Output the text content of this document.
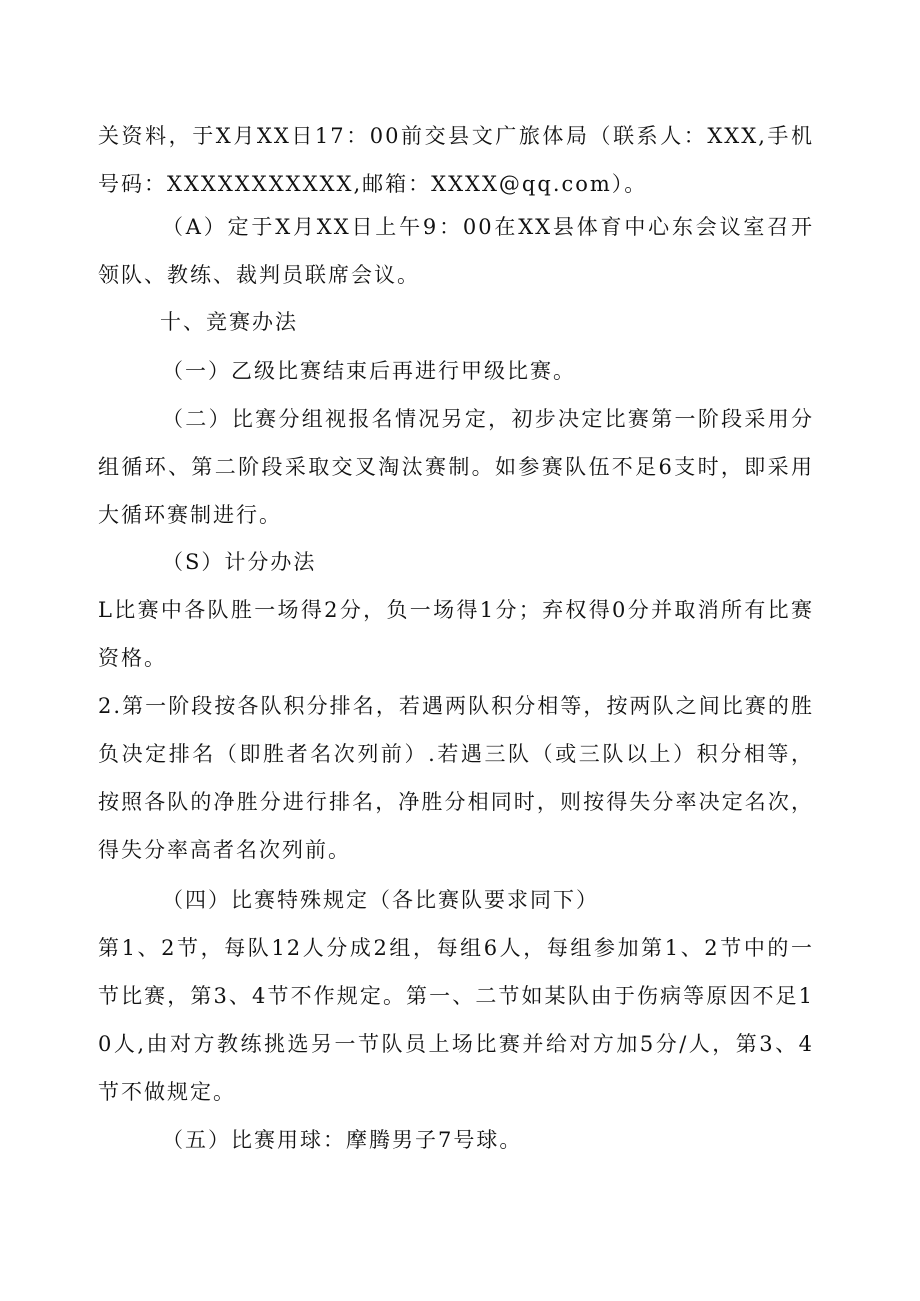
关资料，于X月XX日17：00前交县文广旅体局（联系人：XXX,手机号码：XXXXXXXXXXX,邮箱：XXXX@qq.com）。

（A）定于X月XX日上午9：00在XX县体育中心东会议室召开领队、教练、裁判员联席会议。

十、竞赛办法

（一）乙级比赛结束后再进行甲级比赛。

（二）比赛分组视报名情况另定，初步决定比赛第一阶段采用分组循环、第二阶段采取交叉淘汰赛制。如参赛队伍不足6支时，即采用大循环赛制进行。

（S）计分办法

L比赛中各队胜一场得2分，负一场得1分；弃权得0分并取消所有比赛资格。

2.第一阶段按各队积分排名，若遇两队积分相等，按两队之间比赛的胜负决定排名（即胜者名次列前）.若遇三队（或三队以上）积分相等，按照各队的净胜分进行排名，净胜分相同时，则按得失分率决定名次，得失分率高者名次列前。

（四）比赛特殊规定（各比赛队要求同下）

第1、2节，每队12人分成2组，每组6人，每组参加第1、2节中的一节比赛，第3、4节不作规定。第一、二节如某队由于伤病等原因不足10人,由对方教练挑选另一节队员上场比赛并给对方加5分/人，第3、4节不做规定。

（五）比赛用球：摩腾男子7号球。
